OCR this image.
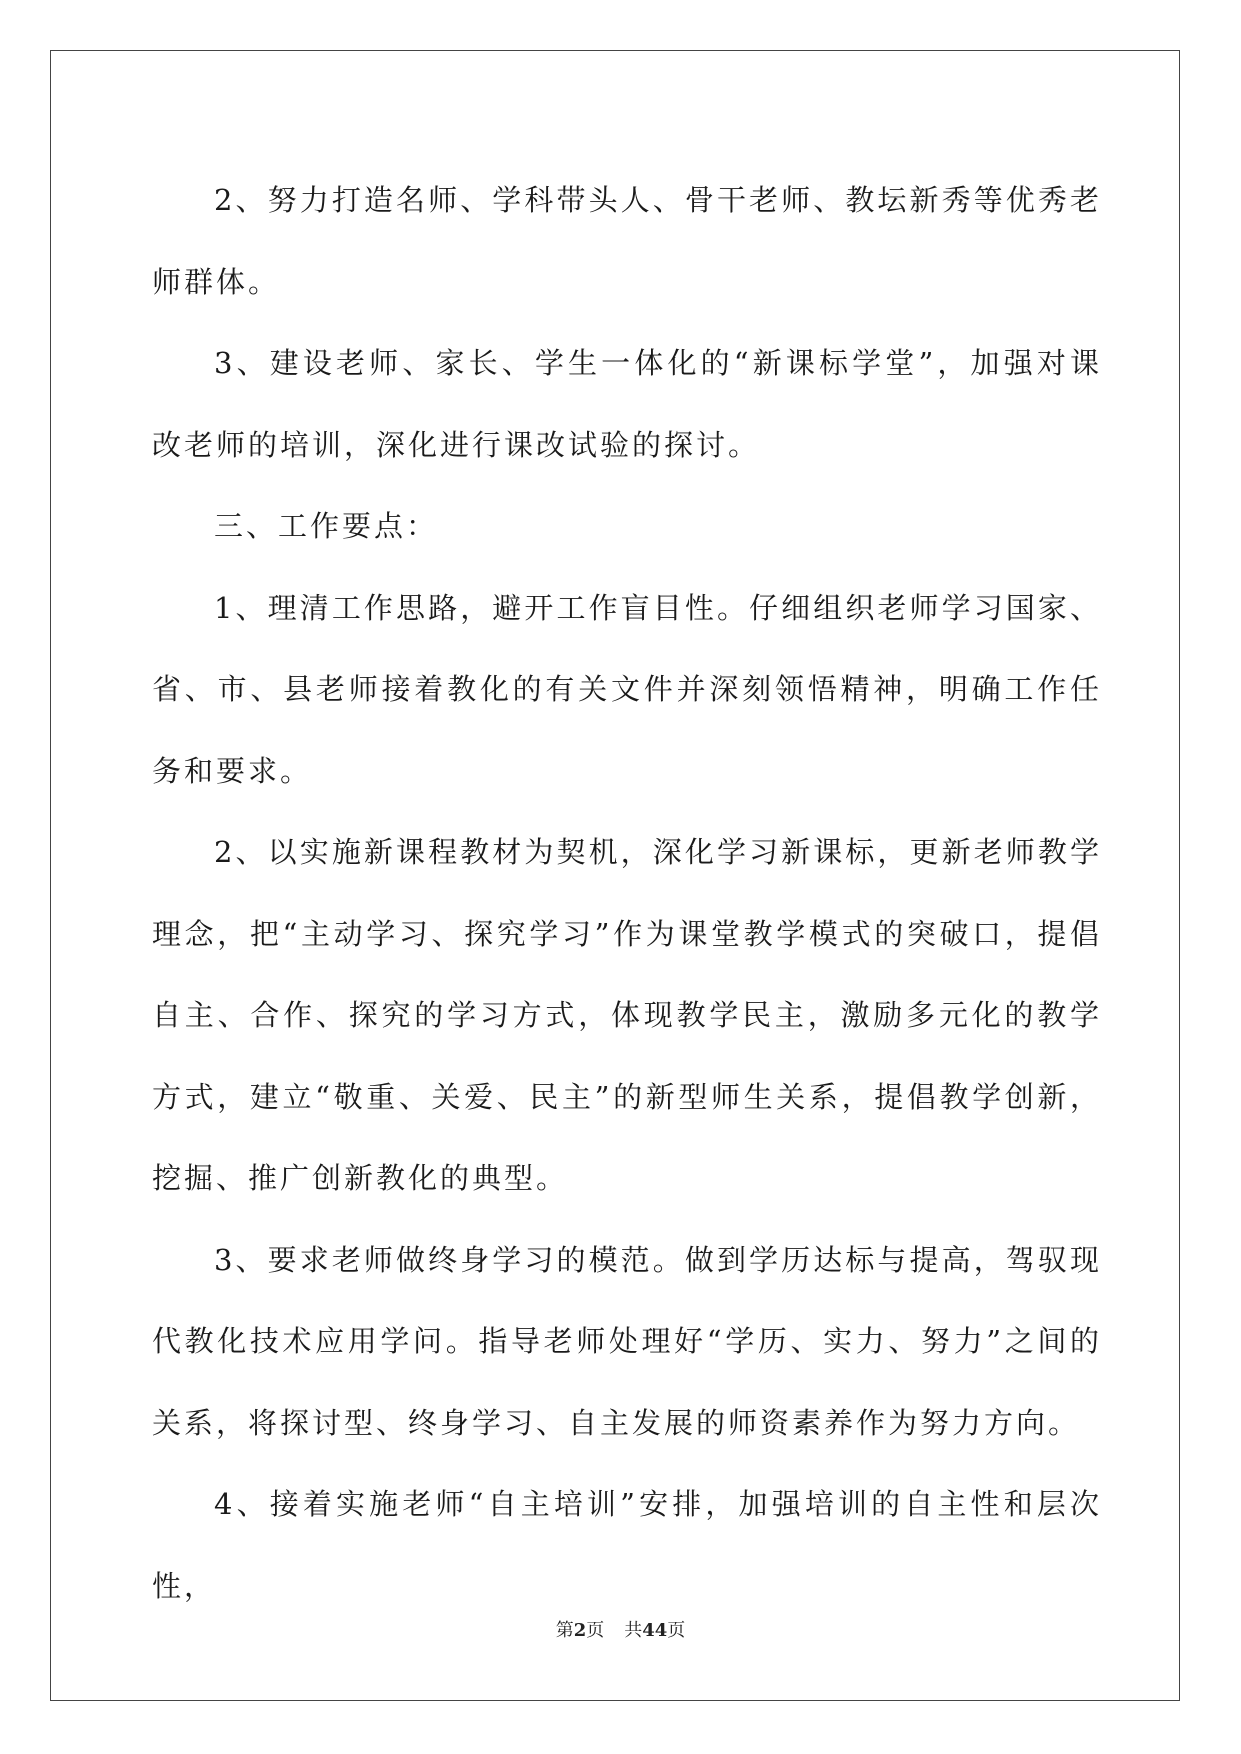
2、努力打造名师、学科带头人、骨干老师、教坛新秀等优秀老师群体。

3、建设老师、家长、学生一体化的“新课标学堂”，加强对课改老师的培训，深化进行课改试验的探讨。

三、工作要点：

1、理清工作思路，避开工作盲目性。仔细组织老师学习国家、省、市、县老师接着教化的有关文件并深刻领悟精神，明确工作任务和要求。

2、以实施新课程教材为契机，深化学习新课标，更新老师教学理念，把“主动学习、探究学习”作为课堂教学模式的突破口，提倡自主、合作、探究的学习方式，体现教学民主，激励多元化的教学方式，建立“敬重、关爱、民主”的新型师生关系，提倡教学创新，挖掘、推广创新教化的典型。

3、要求老师做终身学习的模范。做到学历达标与提高，驾驭现代教化技术应用学问。指导老师处理好“学历、实力、努力”之间的关系，将探讨型、终身学习、自主发展的师资素养作为努力方向。

4、接着实施老师“自主培训”安排，加强培训的自主性和层次性，

第2页 共44页
